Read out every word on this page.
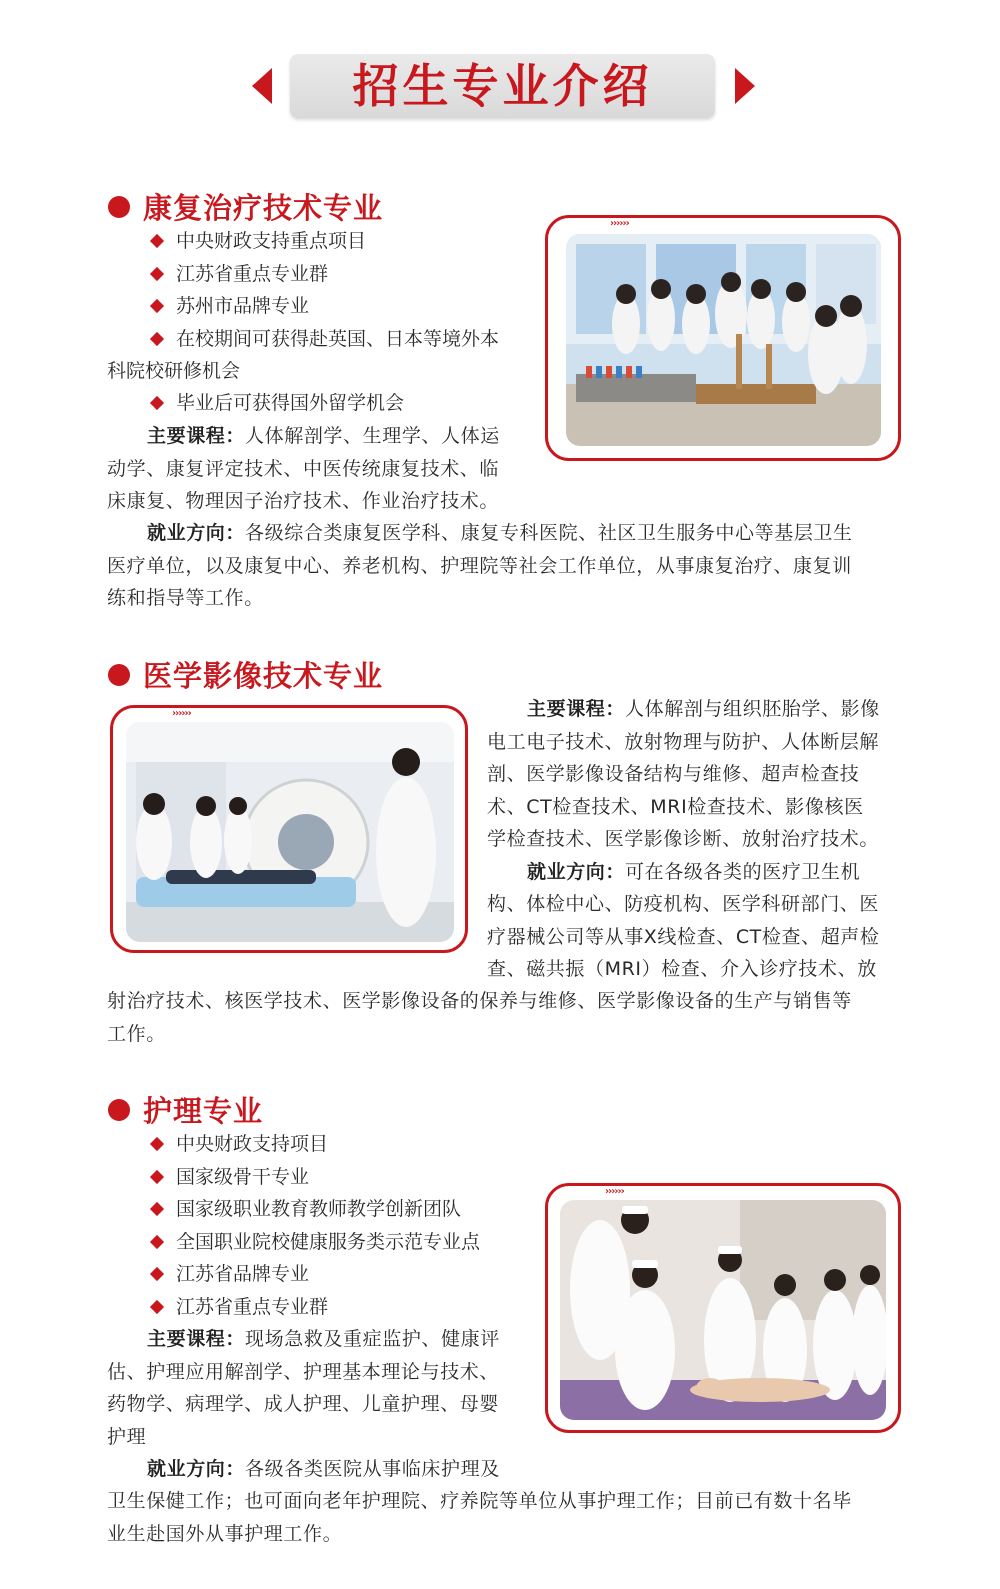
招生专业介绍
康复治疗技术专业
中央财政支持重点项目
江苏省重点专业群
苏州市品牌专业
在校期间可获得赴英国、日本等境外本
科院校研修机会
毕业后可获得国外留学机会
主要课程：人体解剖学、生理学、人体运
动学、康复评定技术、中医传统康复技术、临
床康复、物理因子治疗技术、作业治疗技术。
就业方向：各级综合类康复医学科、康复专科医院、社区卫生服务中心等基层卫生
医疗单位，以及康复中心、养老机构、护理院等社会工作单位，从事康复治疗、康复训
练和指导等工作。
››››››
医学影像技术专业
››››››	主要课程：人体解剖与组织胚胎学、影像
电工电子技术、放射物理与防护、人体断层解
剖、医学影像设备结构与维修、超声检查技
术、CT检查技术、MRI检查技术、影像核医
学检查技术、医学影像诊断、放射治疗技术。
就业方向：可在各级各类的医疗卫生机
构、体检中心、防疫机构、医学科研部门、医
疗器械公司等从事X线检查、CT检查、超声检
查、磁共振（MRI）检查、介入诊疗技术、放
射治疗技术、核医学技术、医学影像设备的保养与维修、医学影像设备的生产与销售等
工作。
护理专业
中央财政支持项目
国家级骨干专业
国家级职业教育教师教学创新团队
全国职业院校健康服务类示范专业点
江苏省品牌专业
江苏省重点专业群
主要课程：现场急救及重症监护、健康评
估、护理应用解剖学、护理基本理论与技术、
药物学、病理学、成人护理、儿童护理、母婴
护理
就业方向：各级各类医院从事临床护理及
卫生保健工作；也可面向老年护理院、疗养院等单位从事护理工作；目前已有数十名毕
业生赴国外从事护理工作。
››››››
